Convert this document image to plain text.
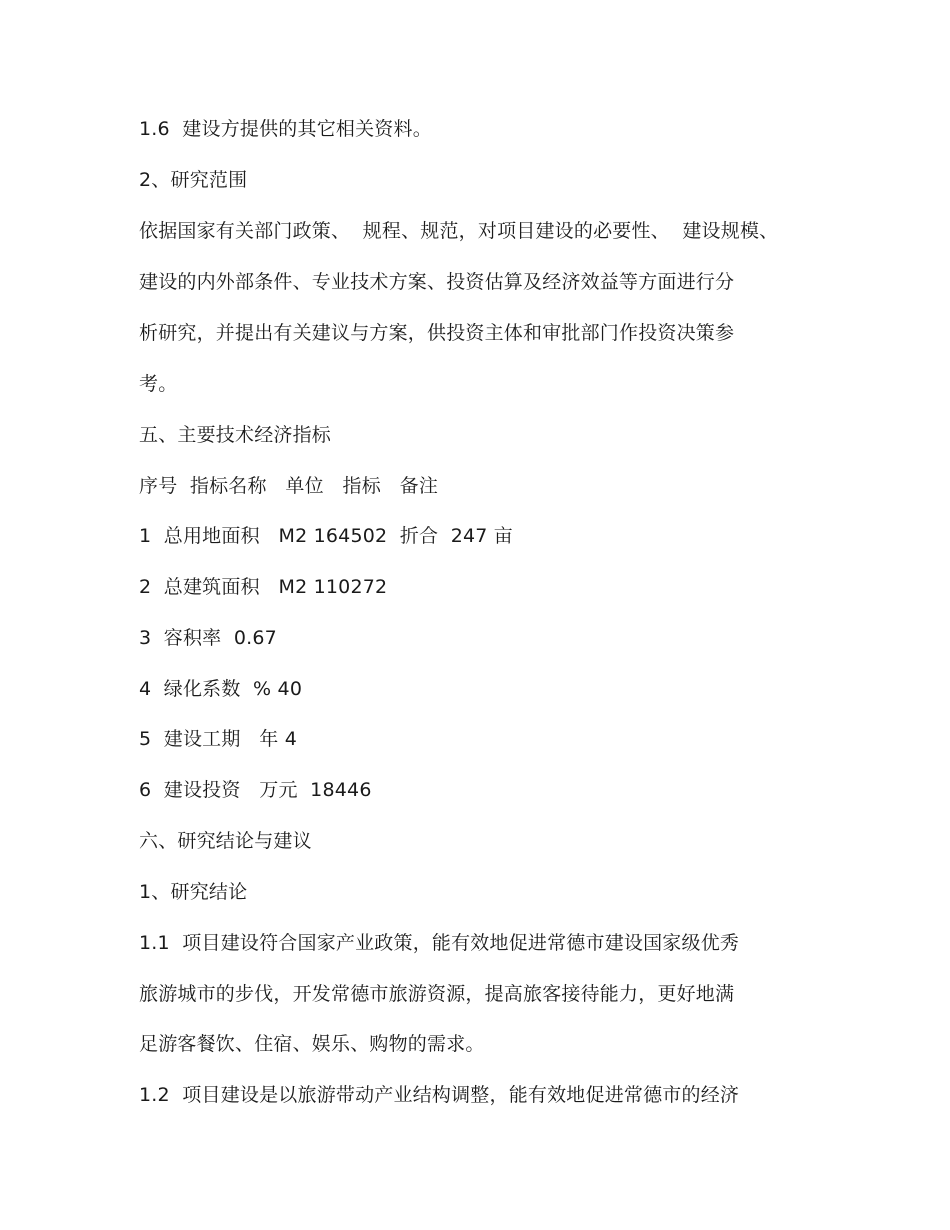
1.6  建设方提供的其它相关资料。
2、研究范围
依据国家有关部门政策、  规程、规范，对项目建设的必要性、  建设规模、
建设的内外部条件、专业技术方案、投资估算及经济效益等方面进行分
析研究，并提出有关建议与方案，供投资主体和审批部门作投资决策参
考。
五、主要技术经济指标
序号  指标名称   单位   指标   备注
1  总用地面积   M2 164502  折合  247 亩
2  总建筑面积   M2 110272
3  容积率  0.67
4  绿化系数  % 40
5  建设工期   年 4
6  建设投资   万元  18446
六、研究结论与建议
1、研究结论
1.1  项目建设符合国家产业政策，能有效地促进常德市建设国家级优秀
旅游城市的步伐，开发常德市旅游资源，提高旅客接待能力，更好地满
足游客餐饮、住宿、娱乐、购物的需求。
1.2  项目建设是以旅游带动产业结构调整，能有效地促进常德市的经济
